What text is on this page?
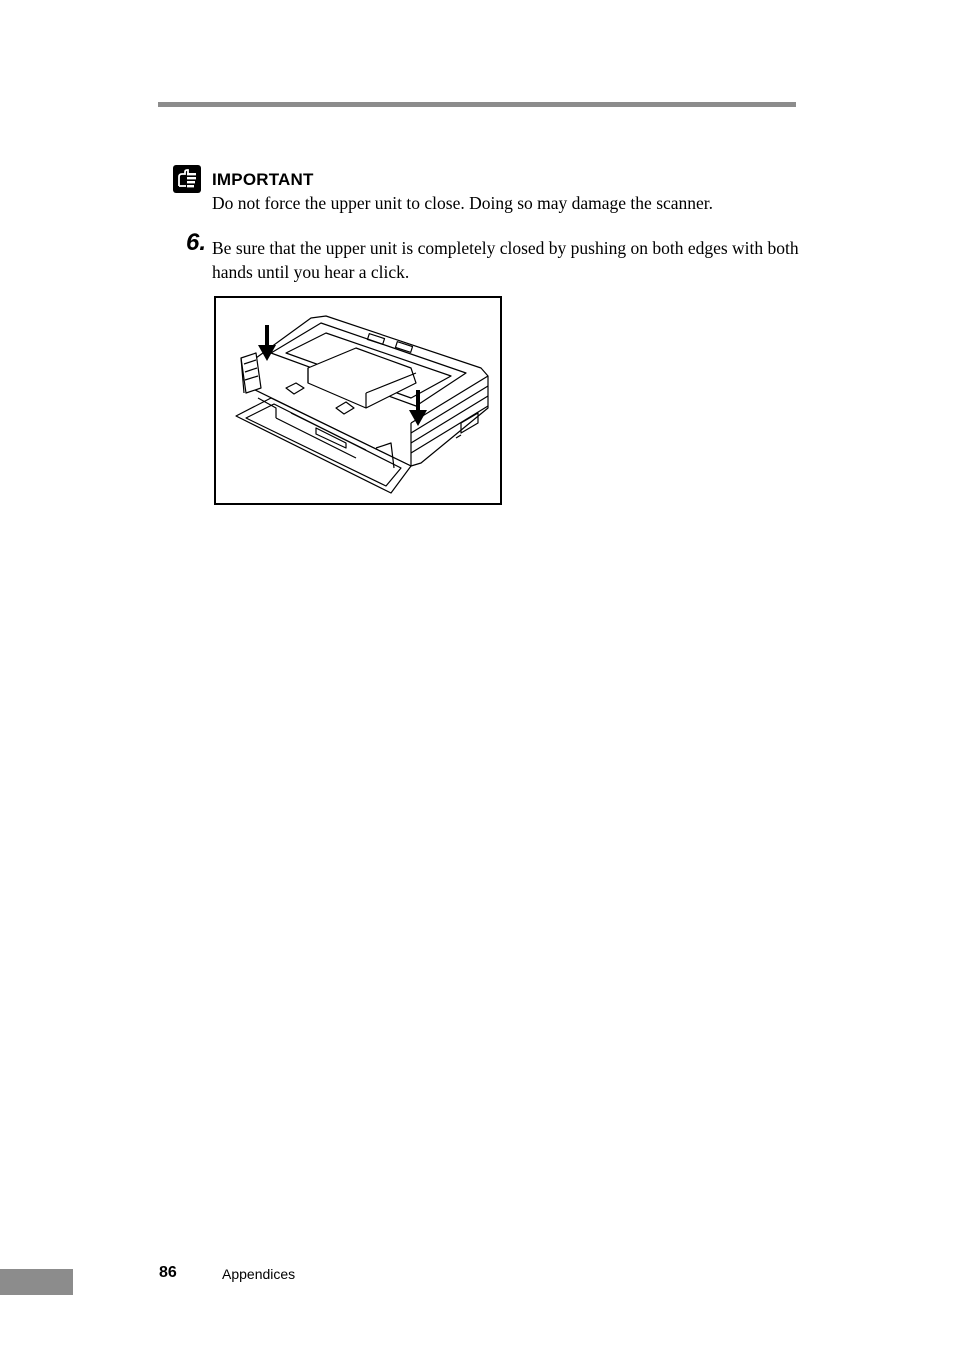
IMPORTANT
Do not force the upper unit to close. Doing so may damage the scanner.
6. Be sure that the upper unit is completely closed by pushing on both edges with both hands until you hear a click.
86	Appendices
